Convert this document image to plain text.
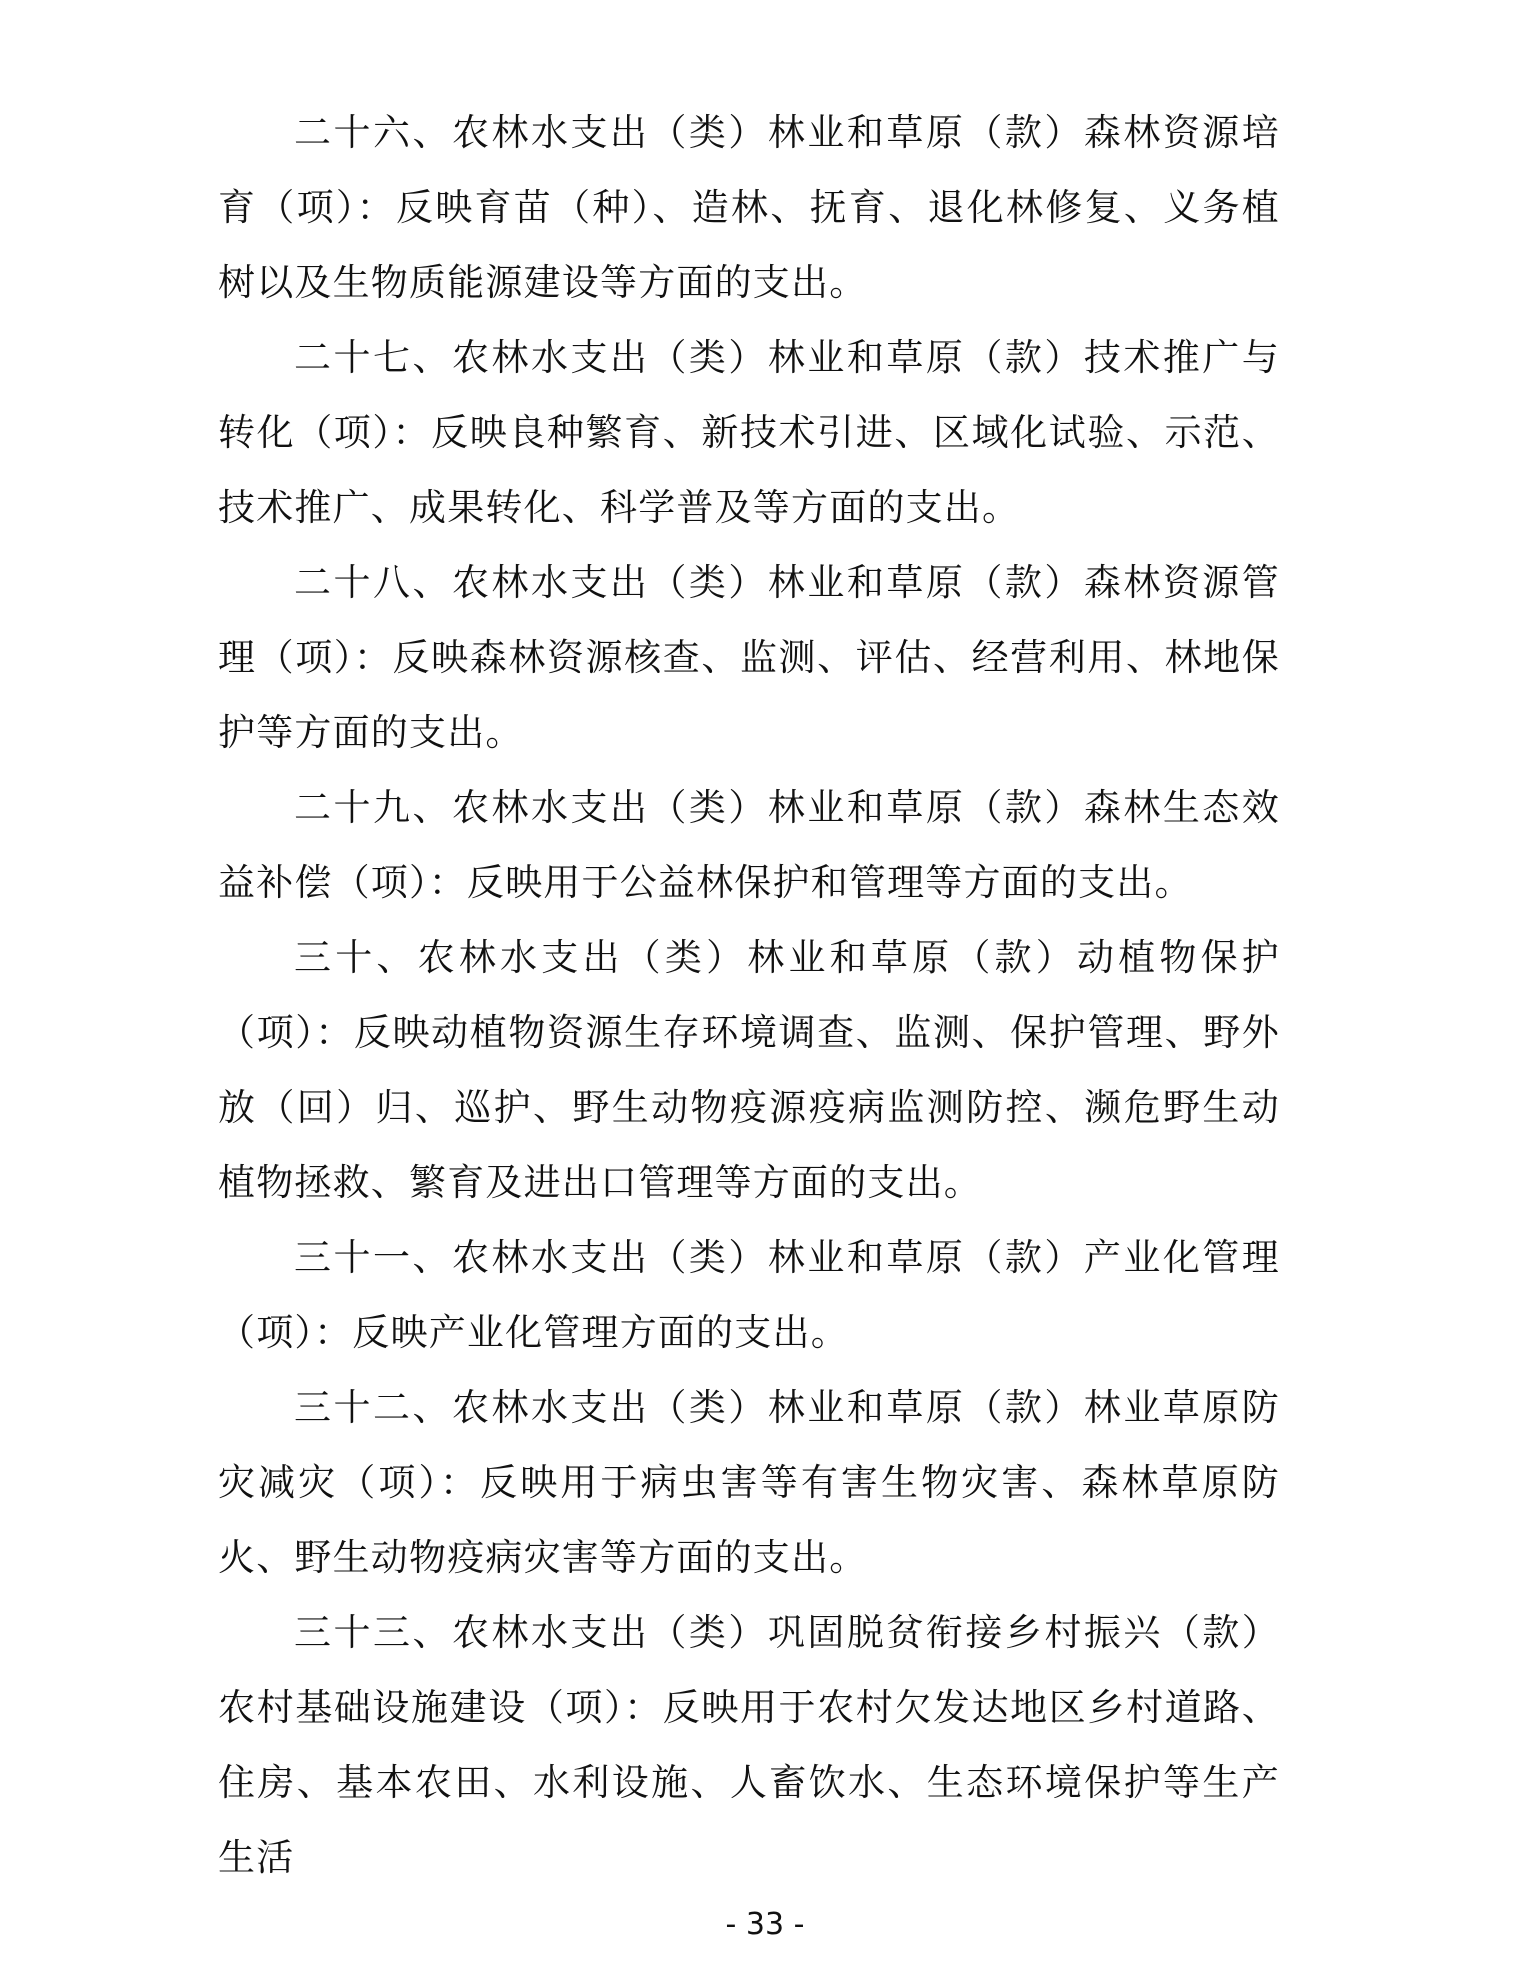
二十六、农林水支出（类）林业和草原（款）森林资源培育（项）：反映育苗（种）、造林、抚育、退化林修复、义务植树以及生物质能源建设等方面的支出。

二十七、农林水支出（类）林业和草原（款）技术推广与转化（项）：反映良种繁育、新技术引进、区域化试验、示范、技术推广、成果转化、科学普及等方面的支出。

二十八、农林水支出（类）林业和草原（款）森林资源管理（项）：反映森林资源核查、监测、评估、经营利用、林地保护等方面的支出。

二十九、农林水支出（类）林业和草原（款）森林生态效益补偿（项）：反映用于公益林保护和管理等方面的支出。

三十、农林水支出（类）林业和草原（款）动植物保护（项）：反映动植物资源生存环境调查、监测、保护管理、野外放（回）归、巡护、野生动物疫源疫病监测防控、濒危野生动植物拯救、繁育及进出口管理等方面的支出。

三十一、农林水支出（类）林业和草原（款）产业化管理（项）：反映产业化管理方面的支出。

三十二、农林水支出（类）林业和草原（款）林业草原防灾减灾（项）：反映用于病虫害等有害生物灾害、森林草原防火、野生动物疫病灾害等方面的支出。

三十三、农林水支出（类）巩固脱贫衔接乡村振兴（款）农村基础设施建设（项）：反映用于农村欠发达地区乡村道路、住房、基本农田、水利设施、人畜饮水、生态环境保护等生产生活

- 33 -
